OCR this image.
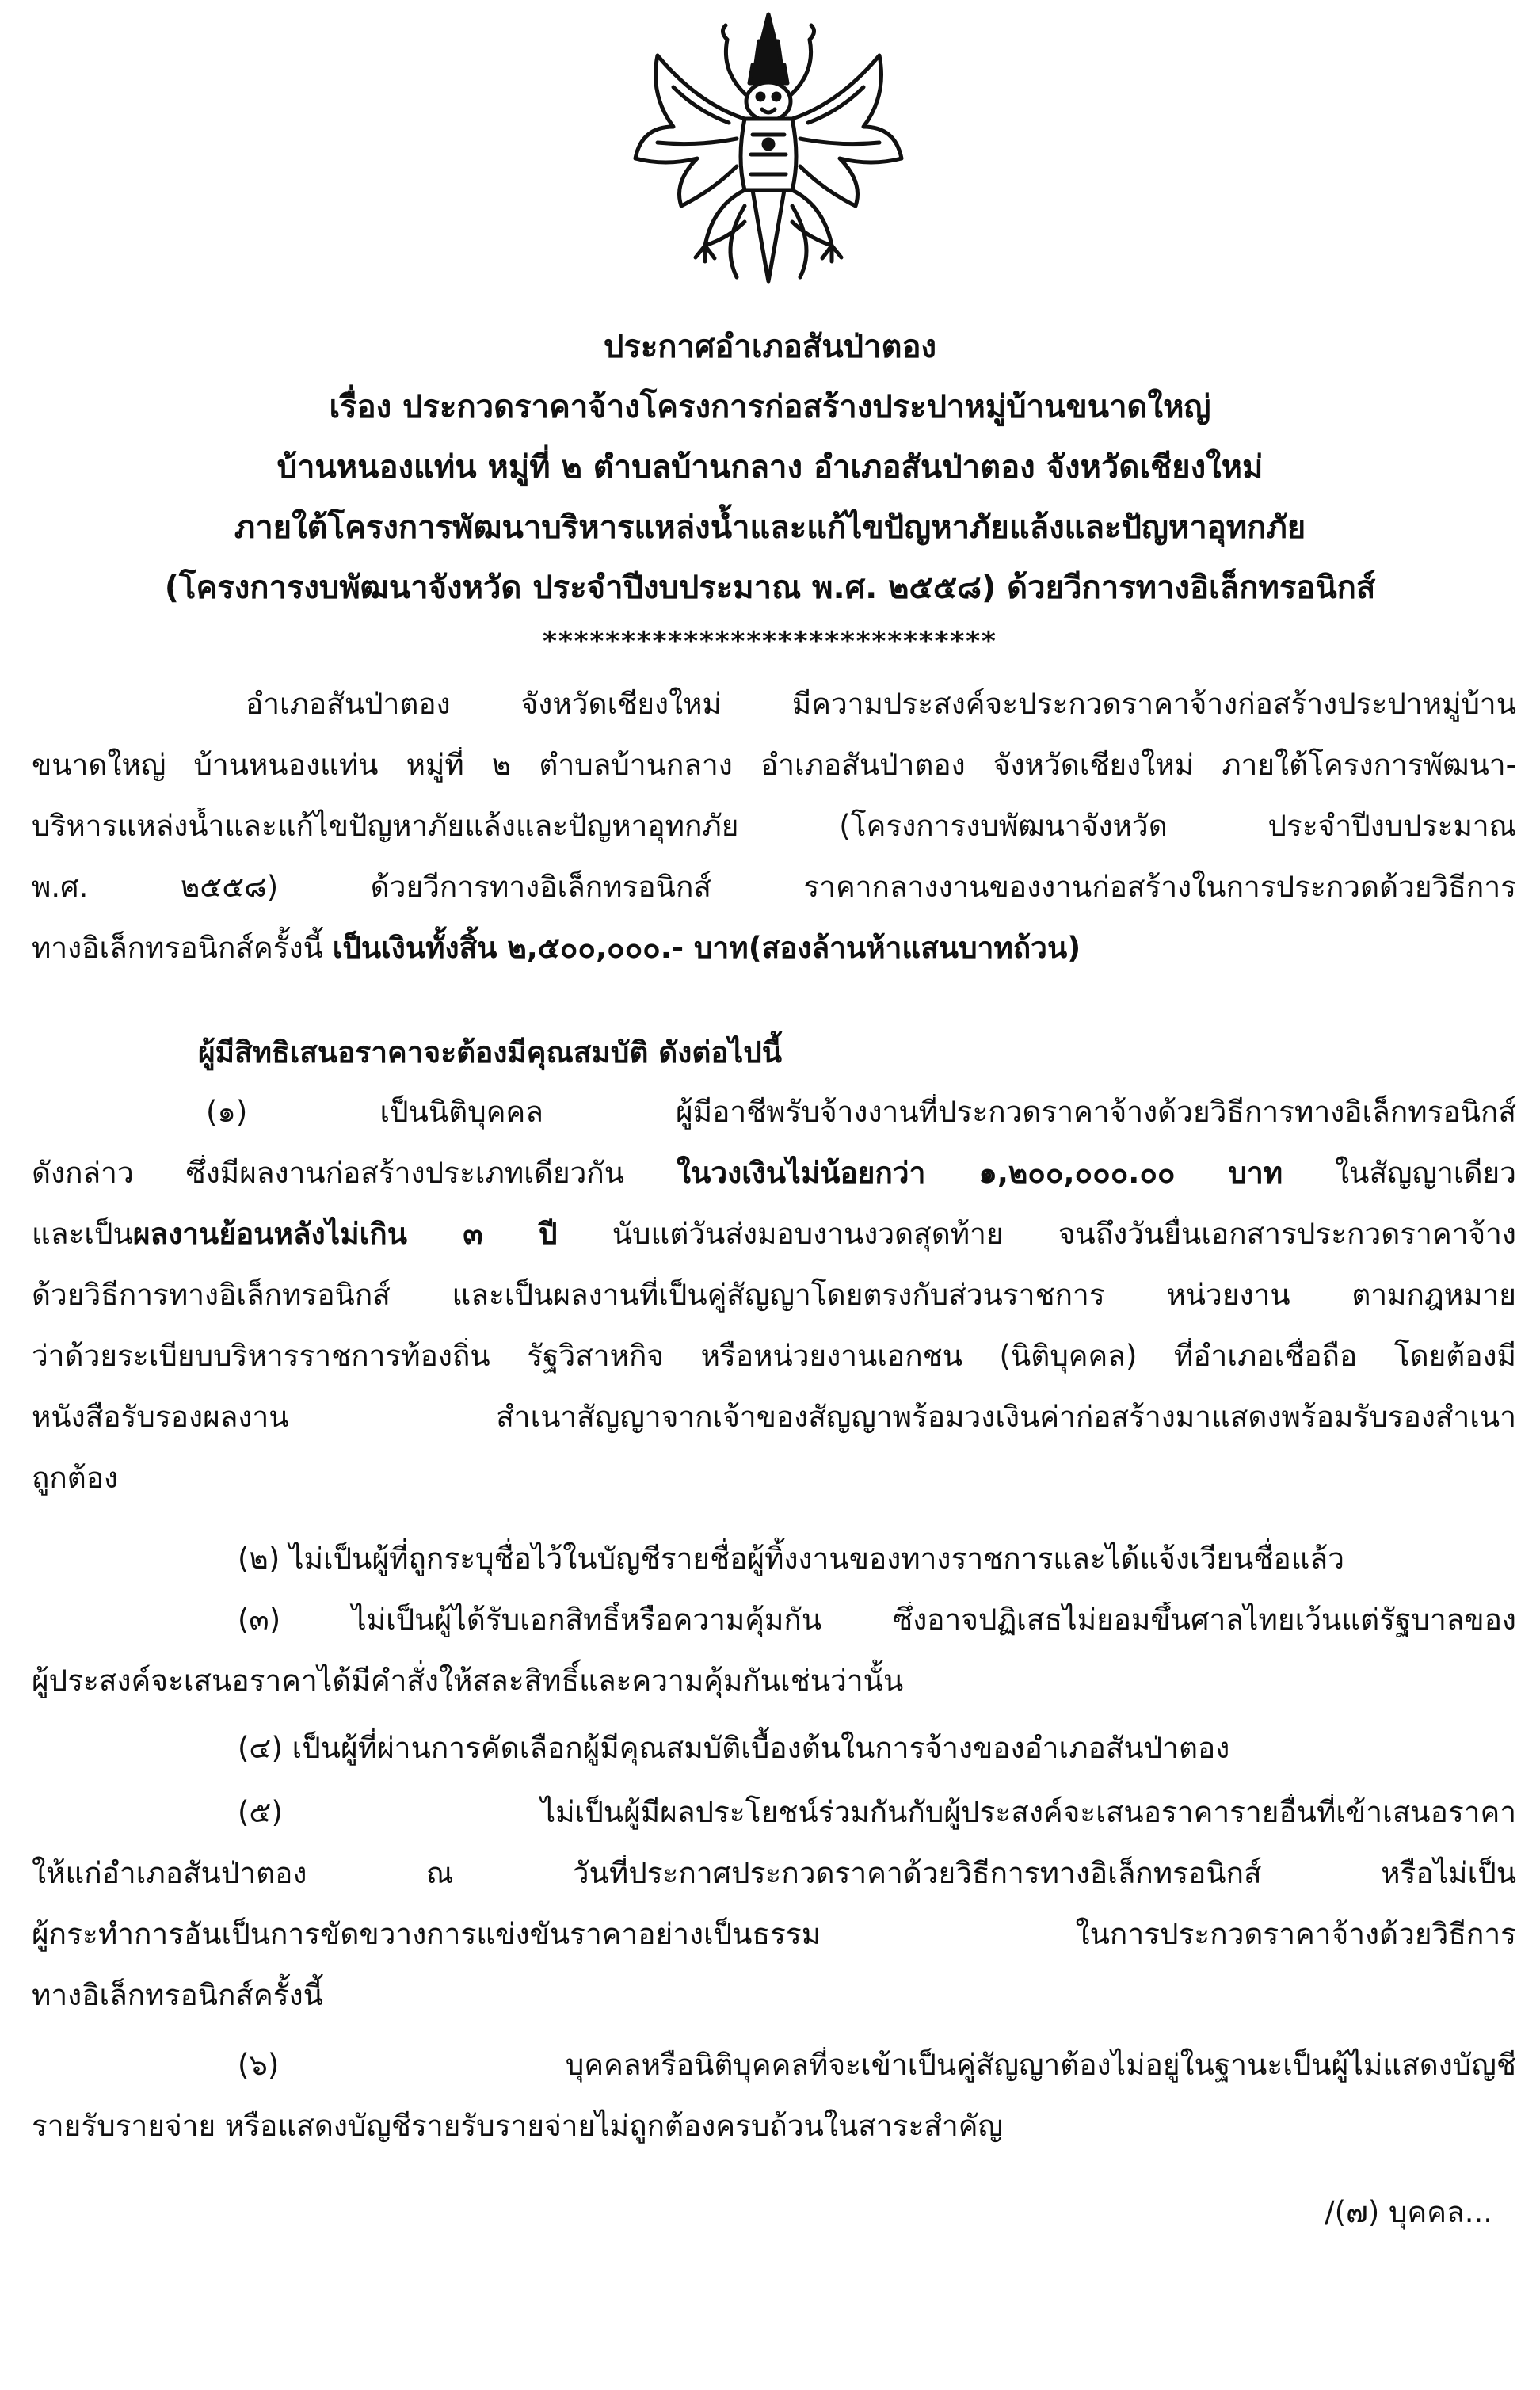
ประกาศอำเภอสันป่าตอง
เรื่อง ประกวดราคาจ้างโครงการก่อสร้างประปาหมู่บ้านขนาดใหญ่
บ้านหนองแท่น หมู่ที่ ๒ ตำบลบ้านกลาง อำเภอสันป่าตอง จังหวัดเชียงใหม่
ภายใต้โครงการพัฒนาบริหารแหล่งน้ำและแก้ไขปัญหาภัยแล้งและปัญหาอุทกภัย
(โครงการงบพัฒนาจังหวัด ประจำปีงบประมาณ พ.ศ. ๒๕๕๘) ด้วยวีการทางอิเล็กทรอนิกส์
*****************************
อำเภอสันป่าตอง จังหวัดเชียงใหม่ มีความประสงค์จะประกวดราคาจ้างก่อสร้างประปาหมู่บ้าน
ขนาดใหญ่ บ้านหนองแท่น หมู่ที่ ๒ ตำบลบ้านกลาง อำเภอสันป่าตอง จังหวัดเชียงใหม่ ภายใต้โครงการพัฒนา-
บริหารแหล่งน้ำและแก้ไขปัญหาภัยแล้งและปัญหาอุทกภัย (โครงการงบพัฒนาจังหวัด ประจำปีงบประมาณ
พ.ศ. ๒๕๕๘) ด้วยวีการทางอิเล็กทรอนิกส์ ราคากลางงานของงานก่อสร้างในการประกวดด้วยวิธีการ
ทางอิเล็กทรอนิกส์ครั้งนี้ เป็นเงินทั้งสิ้น ๒,๕๐๐,๐๐๐.- บาท(สองล้านห้าแสนบาทถ้วน)
ผู้มีสิทธิเสนอราคาจะต้องมีคุณสมบัติ ดังต่อไปนี้
(๑) เป็นนิติบุคคล ผู้มีอาชีพรับจ้างงานที่ประกวดราคาจ้างด้วยวิธีการทางอิเล็กทรอนิกส์
ดังกล่าว ซึ่งมีผลงานก่อสร้างประเภทเดียวกัน ในวงเงินไม่น้อยกว่า ๑,๒๐๐,๐๐๐.๐๐ บาท ในสัญญาเดียว
และเป็นผลงานย้อนหลังไม่เกิน ๓ ปี นับแต่วันส่งมอบงานงวดสุดท้าย จนถึงวันยื่นเอกสารประกวดราคาจ้าง
ด้วยวิธีการทางอิเล็กทรอนิกส์ และเป็นผลงานที่เป็นคู่สัญญาโดยตรงกับส่วนราชการ หน่วยงาน ตามกฎหมาย
ว่าด้วยระเบียบบริหารราชการท้องถิ่น รัฐวิสาหกิจ หรือหน่วยงานเอกชน (นิติบุคคล) ที่อำเภอเชื่อถือ โดยต้องมี
หนังสือรับรองผลงาน สำเนาสัญญาจากเจ้าของสัญญาพร้อมวงเงินค่าก่อสร้างมาแสดงพร้อมรับรองสำเนา
ถูกต้อง
(๒) ไม่เป็นผู้ที่ถูกระบุชื่อไว้ในบัญชีรายชื่อผู้ทิ้งงานของทางราชการและได้แจ้งเวียนชื่อแล้ว
(๓) ไม่เป็นผู้ได้รับเอกสิทธิ์หรือความคุ้มกัน ซึ่งอาจปฏิเสธไม่ยอมขึ้นศาลไทยเว้นแต่รัฐบาลของ
ผู้ประสงค์จะเสนอราคาได้มีคำสั่งให้สละสิทธิ์และความคุ้มกันเช่นว่านั้น
(๔) เป็นผู้ที่ผ่านการคัดเลือกผู้มีคุณสมบัติเบื้องต้นในการจ้างของอำเภอสันป่าตอง
(๕) ไม่เป็นผู้มีผลประโยชน์ร่วมกันกับผู้ประสงค์จะเสนอราคารายอื่นที่เข้าเสนอราคา
ให้แก่อำเภอสันป่าตอง ณ วันที่ประกาศประกวดราคาด้วยวิธีการทางอิเล็กทรอนิกส์ หรือไม่เป็น
ผู้กระทำการอันเป็นการขัดขวางการแข่งขันราคาอย่างเป็นธรรม ในการประกวดราคาจ้างด้วยวิธีการ
ทางอิเล็กทรอนิกส์ครั้งนี้
(๖) บุคคลหรือนิติบุคคลที่จะเข้าเป็นคู่สัญญาต้องไม่อยู่ในฐานะเป็นผู้ไม่แสดงบัญชี
รายรับรายจ่าย หรือแสดงบัญชีรายรับรายจ่ายไม่ถูกต้องครบถ้วนในสาระสำคัญ
/(๗) บุคคล...
